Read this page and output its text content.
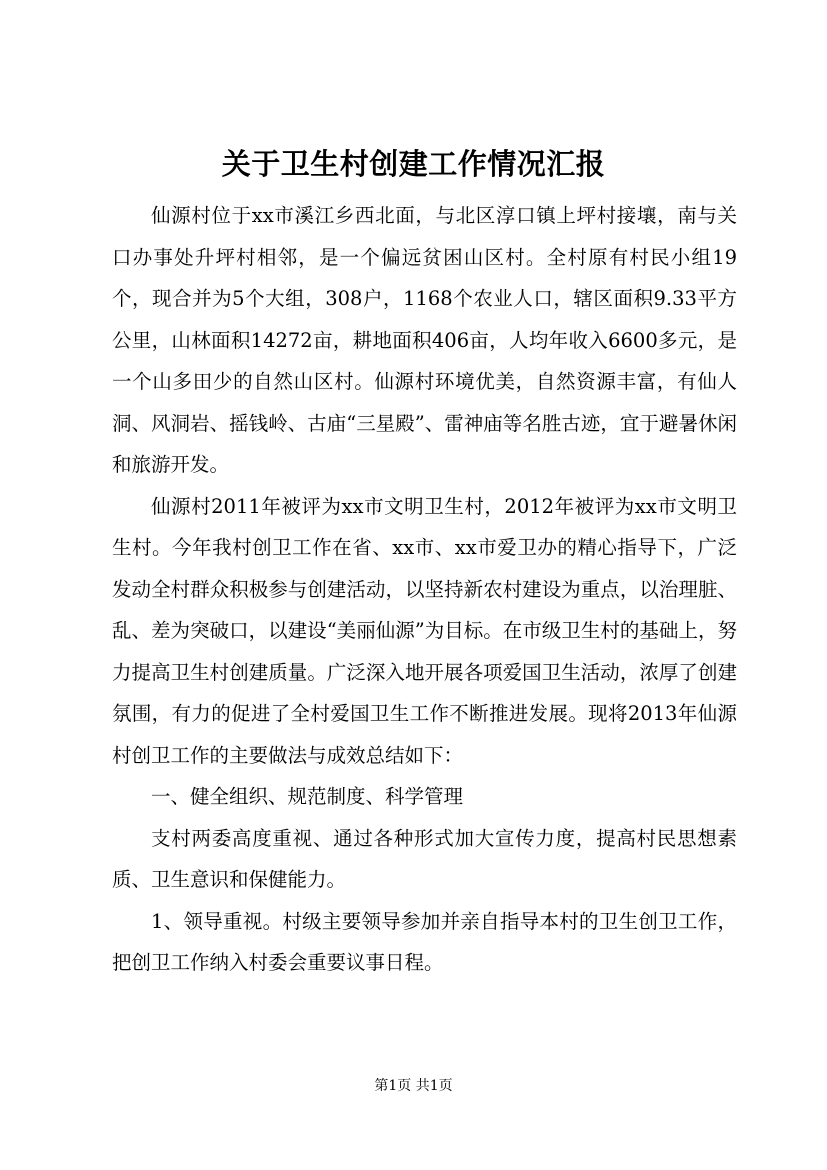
关于卫生村创建工作情况汇报

仙源村位于xx市溪江乡西北面，与北区淳口镇上坪村接壤，南与关口办事处升坪村相邻，是一个偏远贫困山区村。全村原有村民小组19个，现合并为5个大组，308户，1168个农业人口，辖区面积9.33平方公里，山林面积14272亩，耕地面积406亩，人均年收入6600多元，是一个山多田少的自然山区村。仙源村环境优美，自然资源丰富，有仙人洞、风洞岩、摇钱岭、古庙“三星殿”、雷神庙等名胜古迹，宜于避暑休闲和旅游开发。

仙源村2011年被评为xx市文明卫生村，2012年被评为xx市文明卫生村。今年我村创卫工作在省、xx市、xx市爱卫办的精心指导下，广泛发动全村群众积极参与创建活动，以坚持新农村建设为重点，以治理脏、乱、差为突破口，以建设“美丽仙源”为目标。在市级卫生村的基础上，努力提高卫生村创建质量。广泛深入地开展各项爱国卫生活动，浓厚了创建氛围，有力的促进了全村爱国卫生工作不断推进发展。现将2013年仙源村创卫工作的主要做法与成效总结如下：

一、健全组织、规范制度、科学管理

支村两委高度重视、通过各种形式加大宣传力度，提高村民思想素质、卫生意识和保健能力。

1、领导重视。村级主要领导参加并亲自指导本村的卫生创卫工作，把创卫工作纳入村委会重要议事日程。

第1页 共1页
